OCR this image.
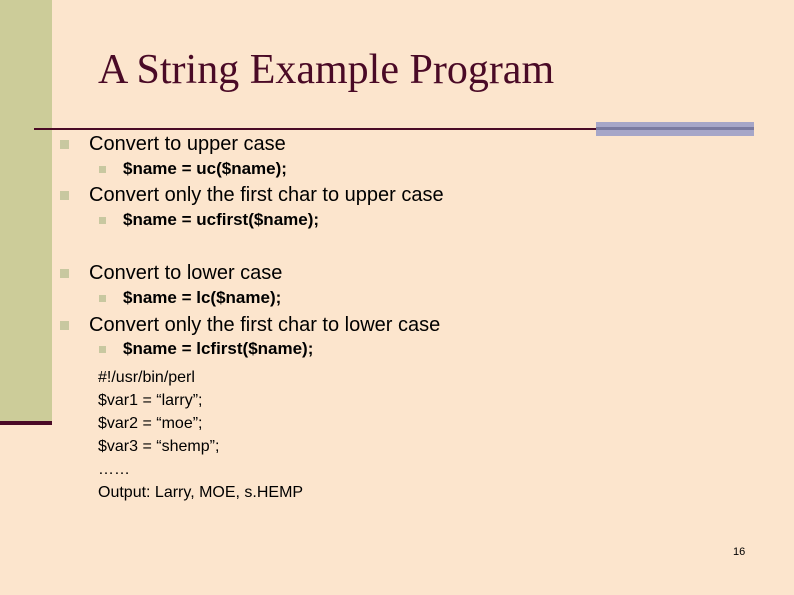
A String Example Program
Convert to upper case
$name = uc($name);
Convert only the first char to upper case
$name = ucfirst($name);
Convert to lower case
$name = lc($name);
Convert only the first char to lower case
$name = lcfirst($name);
#!/usr/bin/perl
$var1 = “larry”;
$var2 = “moe”;
$var3 = “shemp”;
……
Output: Larry, MOE, s.HEMP
16
